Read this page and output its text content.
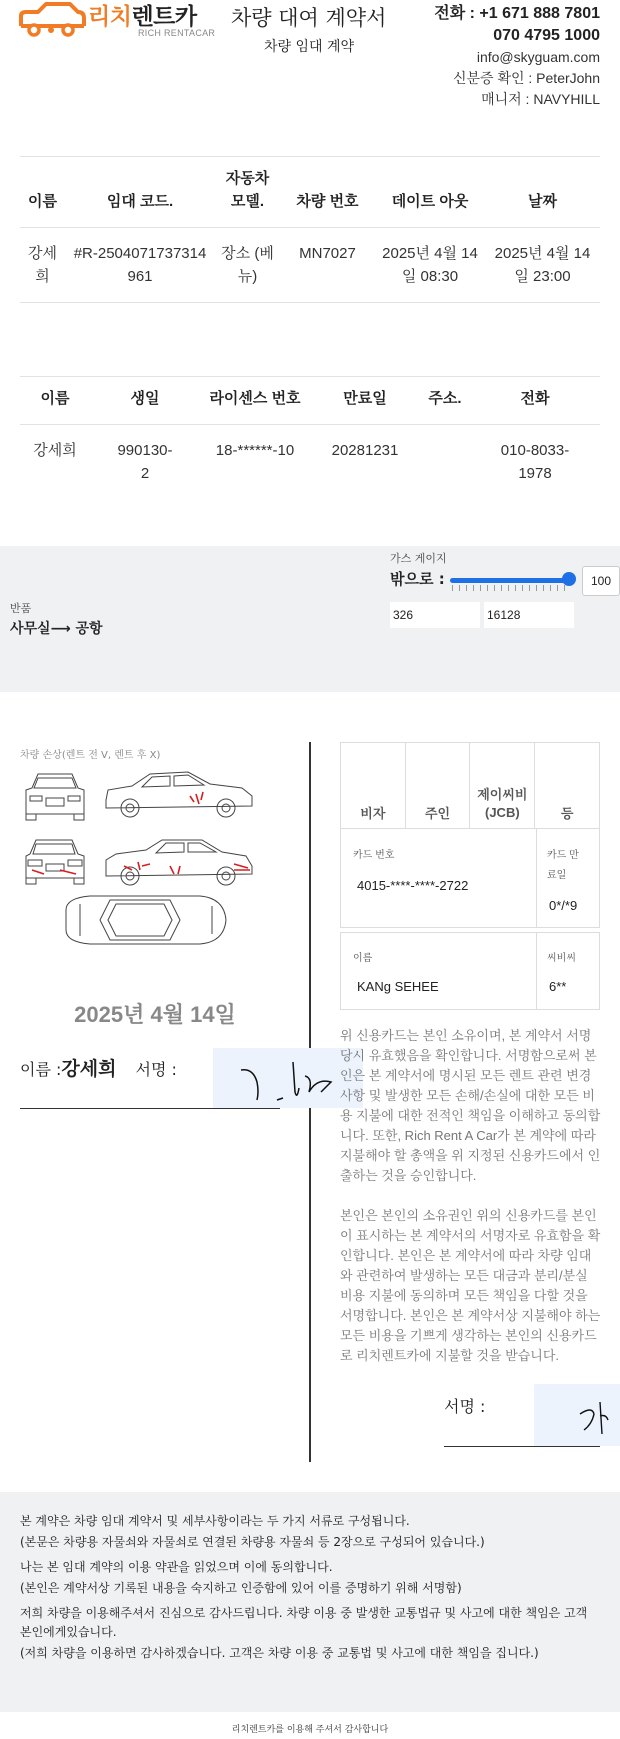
리치렌트카
RICH RENTACAR
차량 대여 계약서
차량 임대 계약
전화 : +1 671 888 7801
070 4795 1000
info@skyguam.com
신분증 확인 : PeterJohn
매니저 : NAVYHILL
이름	임대 코드.	자동차 모델.	차량 번호	데이트 아웃	날짜
강세희	#R-2504071737314961	장소 (베뉴)	MN7027	2025년 4월 14일 08:30	2025년 4월 14일 23:00
이름	생일	라이센스 번호	만료일	주소.	전화
강세희	990130-2	18-******-10	20281231		010-8033-1978
반품
사무실⟶ 공항
가스 게이지
밖으로 :	100
326	16128
차량 손상(렌트 전 V, 렌트 후 X)
2025년 4월 14일
이름 :강세희 서명 :
비자	주인	제이씨비 (JCB)	등
카드 번호
4015-****-****-2722
카드 만료일
0*/*9
이름
KANg SEHEE
씨비씨
6**
위 신용카드는 본인 소유이며, 본 계약서 서명 당시 유효했음을 확인합니다. 서명함으로써 본인은 본 계약서에 명시된 모든 렌트 관련 변경 사항 및 발생한 모든 손해/손실에 대한 모든 비용 지불에 대한 전적인 책임을 이해하고 동의합니다. 또한, Rich Rent A Car가 본 계약에 따라 지불해야 할 총액을 위 지정된 신용카드에서 인출하는 것을 승인합니다.
본인은 본인의 소유권인 위의 신용카드를 본인이 표시하는 본 계약서의 서명자로 유효함을 확인합니다. 본인은 본 계약서에 따라 차량 임대와 관련하여 발생하는 모든 대금과 분리/분실 비용 지불에 동의하며 모든 책임을 다할 것을 서명합니다. 본인은 본 계약서상 지불해야 하는 모든 비용을 기쁘게 생각하는 본인의 신용카드로 리치렌트카에 지불할 것을 받습니다.
서명 :

본 계약은 차량 임대 계약서 및 세부사항이라는 두 가지 서류로 구성됩니다.

(본문은 차량용 자물쇠와 자물쇠로 연결된 차량용 자물쇠 등 2장으로 구성되어 있습니다.)

나는 본 임대 계약의 이용 약관을 읽었으며 이에 동의합니다.

(본인은 계약서상 기록된 내용을 숙지하고 인증함에 있어 이를 증명하기 위해 서명함)

저희 차량을 이용해주셔서 진심으로 감사드립니다. 차량 이용 중 발생한 교통법규 및 사고에 대한 책임은 고객 본인에게있습니다.

(저희 차량을 이용하면 감사하겠습니다. 고객은 차량 이용 중 교통법 및 사고에 대한 책임을 집니다.)

리치렌트카를 이용해 주셔서 감사합니다
